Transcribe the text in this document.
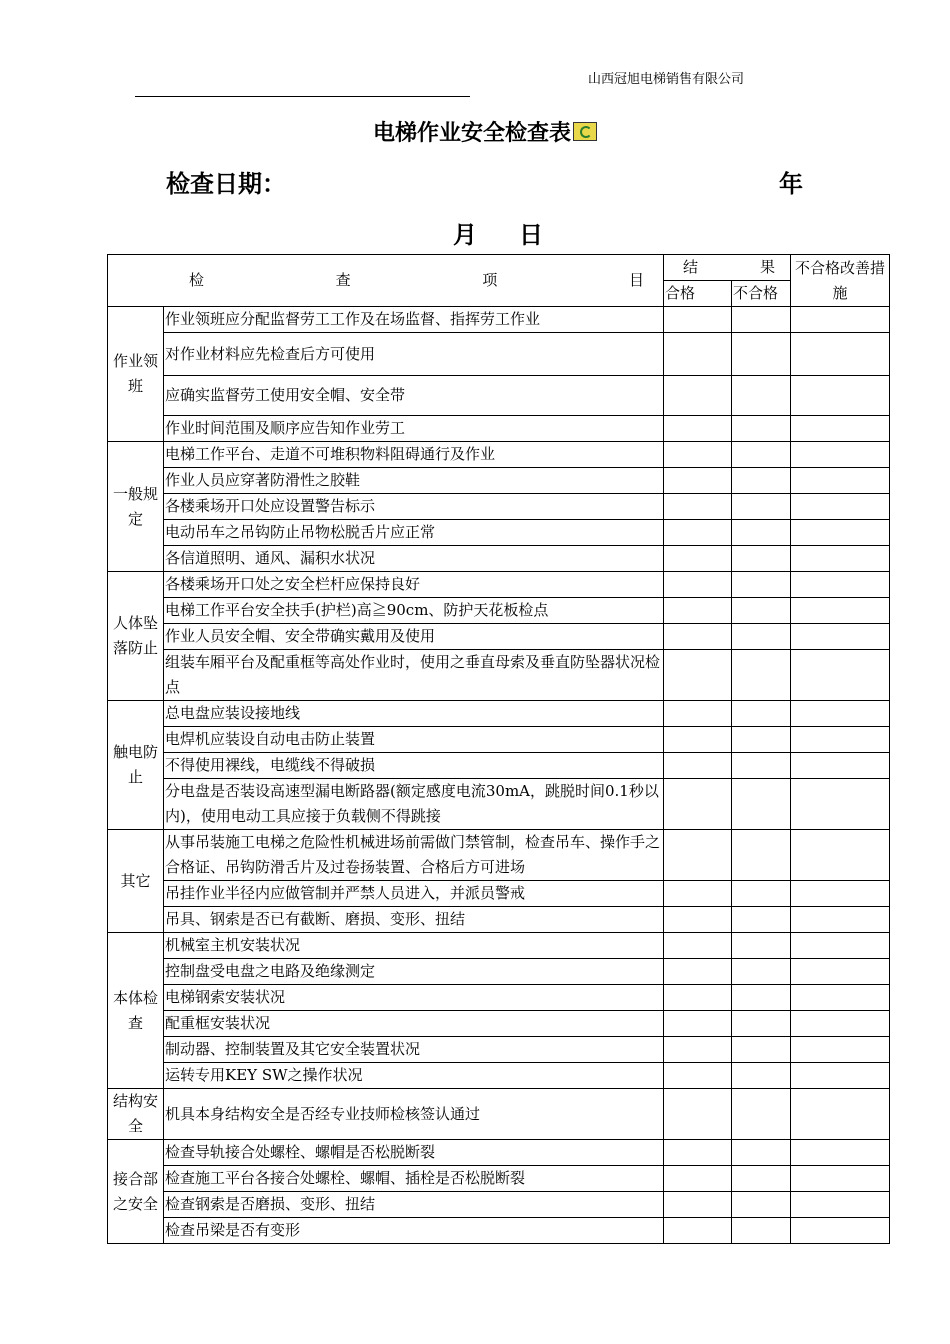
山西冠旭电梯销售有限公司
电梯作业安全检查表
检查日期：	年
月 日
检 查 项 目		结 果		不合格改善措施
		合格	不合格	
作业领班	作业领班应分配监督劳工工作及在场监督、指挥劳工作业			
	对作业材料应先检查后方可使用			
	应确实监督劳工使用安全帽、安全带			
	作业时间范围及顺序应告知作业劳工			
一般规定	电梯工作平台、走道不可堆积物料阻碍通行及作业			
	作业人员应穿著防滑性之胶鞋			
	各楼乘场开口处应设置警告标示			
	电动吊车之吊钩防止吊物松脱舌片应正常			
	各信道照明、通风、漏积水状况			
人体坠落防止	各楼乘场开口处之安全栏杆应保持良好			
	电梯工作平台安全扶手(护栏)高≧90cm、防护天花板检点			
	作业人员安全帽、安全带确实戴用及使用			
	组装车厢平台及配重框等高处作业时，使用之垂直母索及垂直防坠器状况检点			
触电防止	总电盘应装设接地线			
	电焊机应装设自动电击防止装置			
	不得使用裸线，电缆线不得破损			
	分电盘是否装设高速型漏电断路器(额定感度电流30mA，跳脱时间0.1秒以内)，使用电动工具应接于负载侧不得跳接			
其它	从事吊装施工电梯之危险性机械进场前需做门禁管制，检查吊车、操作手之合格证、吊钩防滑舌片及过卷扬装置、合格后方可进场			
	吊挂作业半径内应做管制并严禁人员进入，并派员警戒			
	吊具、钢索是否已有截断、磨损、变形、扭结			
本体检查	机械室主机安装状况			
	控制盘受电盘之电路及绝缘测定			
	电梯钢索安装状况			
	配重框安装状况			
	制动器、控制装置及其它安全装置状况			
	运转专用KEY SW之操作状况			
结构安全	机具本身结构安全是否经专业技师检核签认通过			
接合部之安全	检查导轨接合处螺栓、螺帽是否松脱断裂			
	检查施工平台各接合处螺栓、螺帽、插栓是否松脱断裂			
	检查钢索是否磨损、变形、扭结			
	检查吊梁是否有变形			
